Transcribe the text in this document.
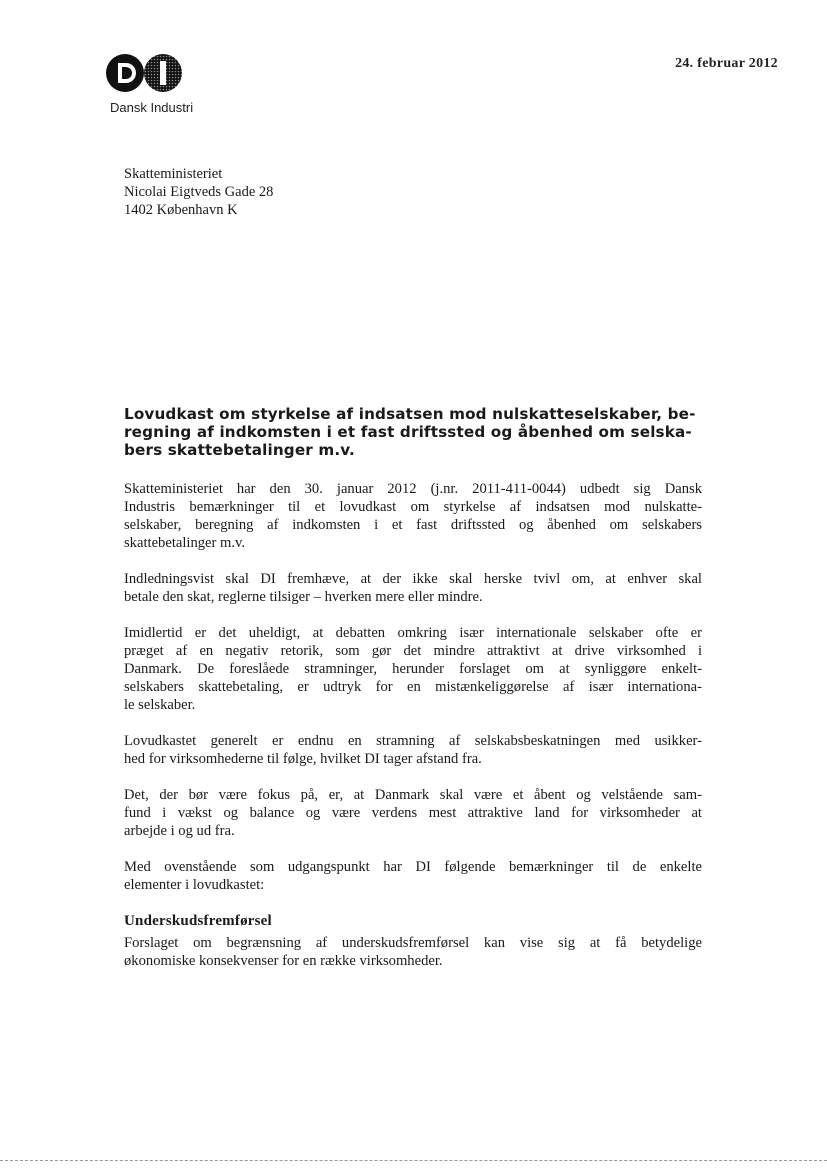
Dansk Industri
24. februar 2012
Skatteministeriet
Nicolai Eigtveds Gade 28
1402 København K
Lovudkast om styrkelse af indsatsen mod nulskatteselskaber, be-
regning af indkomsten i et fast driftssted og åbenhed om selska-
bers skattebetalinger m.v.
Skatteministeriet har den 30. januar 2012 (j.nr. 2011-411-0044) udbedt sig Dansk
Industris bemærkninger til et lovudkast om styrkelse af indsatsen mod nulskatte-
selskaber, beregning af indkomsten i et fast driftssted og åbenhed om selskabers
skattebetalinger m.v.
Indledningsvist skal DI fremhæve, at der ikke skal herske tvivl om, at enhver skal
betale den skat, reglerne tilsiger – hverken mere eller mindre.
Imidlertid er det uheldigt, at debatten omkring især internationale selskaber ofte er
præget af en negativ retorik, som gør det mindre attraktivt at drive virksomhed i
Danmark. De foreslåede stramninger, herunder forslaget om at synliggøre enkelt-
selskabers skattebetaling, er udtryk for en mistænkeliggørelse af især internationa-
le selskaber.
Lovudkastet generelt er endnu en stramning af selskabsbeskatningen med usikker-
hed for virksomhederne til følge, hvilket DI tager afstand fra.
Det, der bør være fokus på, er, at Danmark skal være et åbent og velstående sam-
fund i vækst og balance og være verdens mest attraktive land for virksomheder at
arbejde i og ud fra.
Med ovenstående som udgangspunkt har DI følgende bemærkninger til de enkelte
elementer i lovudkastet:
Underskudsfremførsel
Forslaget om begrænsning af underskudsfremførsel kan vise sig at få betydelige
økonomiske konsekvenser for en række virksomheder.
